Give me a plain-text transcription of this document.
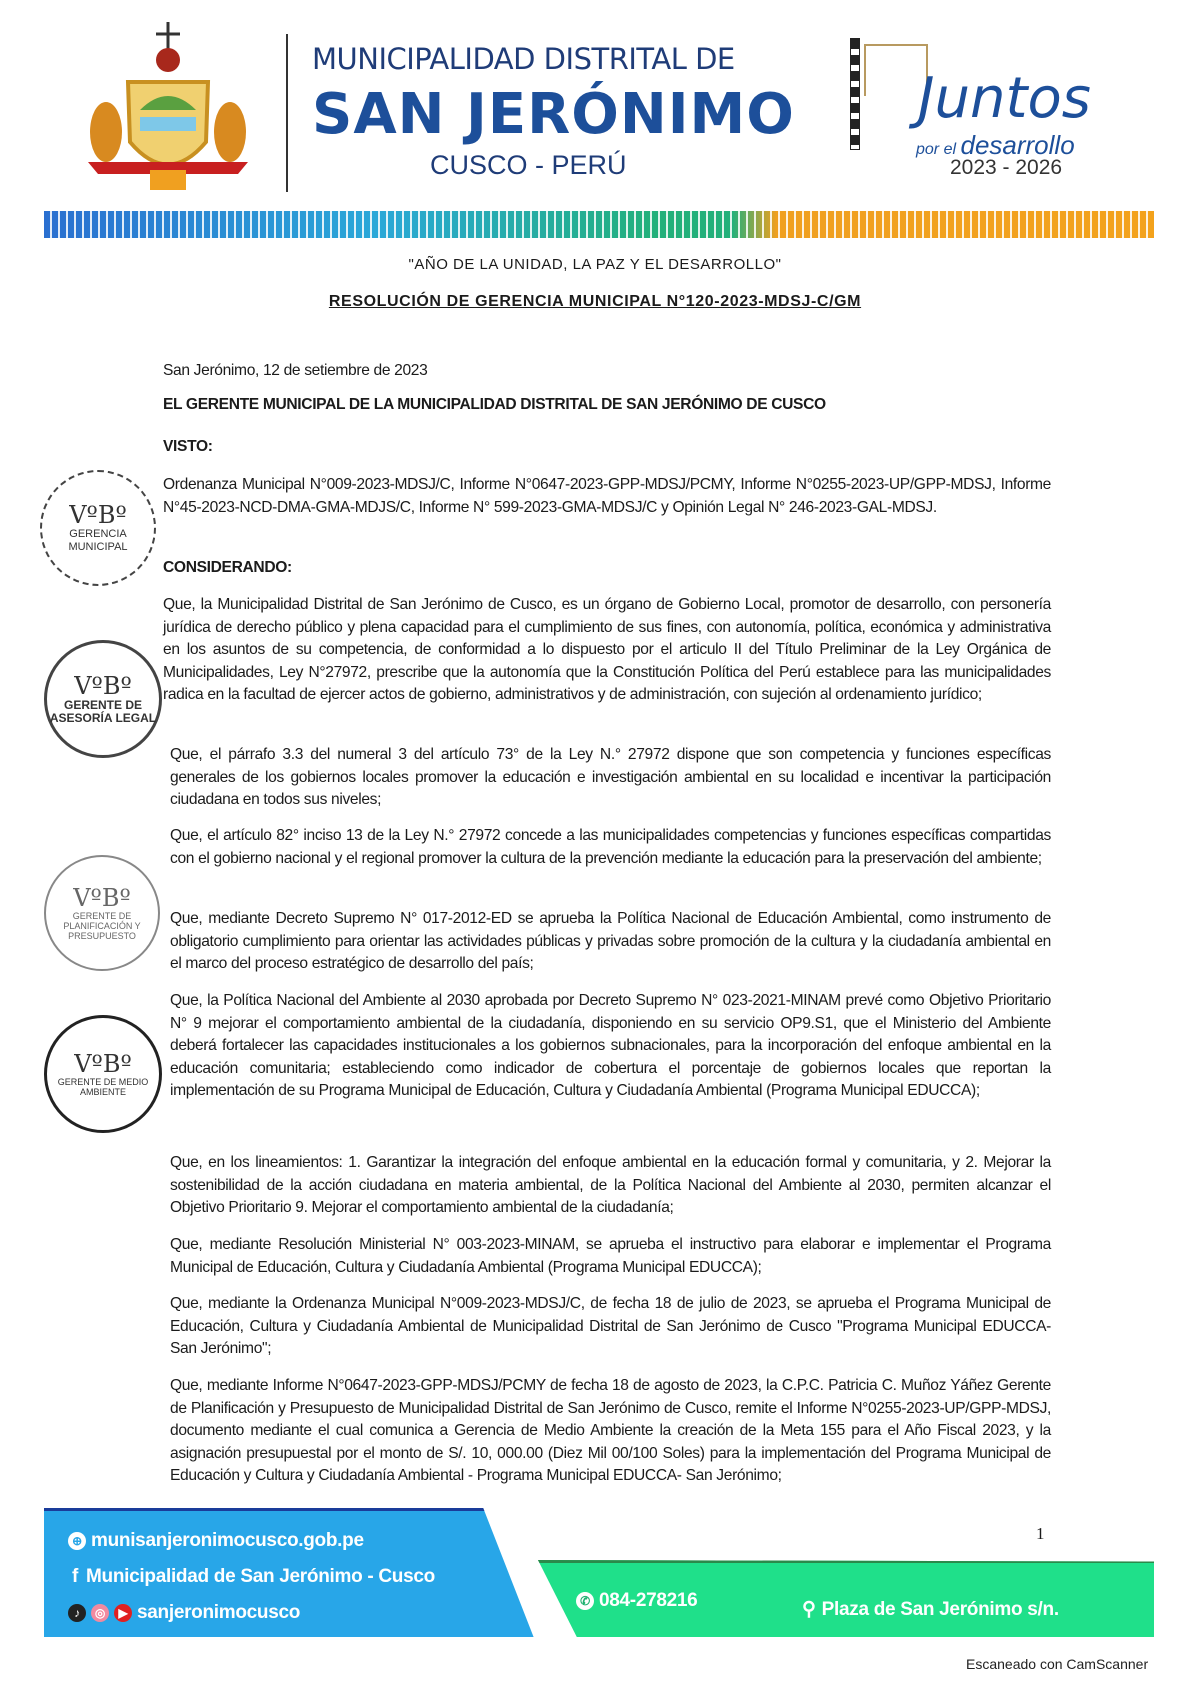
MUNICIPALIDAD DISTRITAL DE
SAN JERÓNIMO
CUSCO - PERÚ
Juntos
por el desarrollo
2023 - 2026
"AÑO DE LA UNIDAD, LA PAZ Y EL DESARROLLO"
RESOLUCIÓN DE GERENCIA MUNICIPAL N°120-2023-MDSJ-C/GM
San Jerónimo, 12 de setiembre de 2023
EL GERENTE MUNICIPAL DE LA MUNICIPALIDAD DISTRITAL DE SAN JERÓNIMO DE CUSCO
VISTO:
Ordenanza Municipal N°009-2023-MDSJ/C, Informe N°0647-2023-GPP-MDSJ/PCMY, Informe N°0255-2023-UP/GPP-MDSJ, Informe N°45-2023-NCD-DMA-GMA-MDJS/C, Informe N° 599-2023-GMA-MDSJ/C y Opinión Legal N° 246-2023-GAL-MDSJ.
CONSIDERANDO:
Que, la Municipalidad Distrital de San Jerónimo de Cusco, es un órgano de Gobierno Local, promotor de desarrollo, con personería jurídica de derecho público y plena capacidad para el cumplimiento de sus fines, con autonomía, política, económica y administrativa en los asuntos de su competencia, de conformidad a lo dispuesto por el articulo II del Título Preliminar de la Ley Orgánica de Municipalidades, Ley N°27972, prescribe que la autonomía que la Constitución Política del Perú establece para las municipalidades radica en la facultad de ejercer actos de gobierno, administrativos y de administración, con sujeción al ordenamiento jurídico;
Que, el párrafo 3.3 del numeral 3 del artículo 73° de la Ley N.° 27972 dispone que son competencia y funciones específicas generales de los gobiernos locales promover la educación e investigación ambiental en su localidad e incentivar la participación ciudadana en todos sus niveles;
Que, el artículo 82° inciso 13 de la Ley N.° 27972 concede a las municipalidades competencias y funciones específicas compartidas con el gobierno nacional y el regional promover la cultura de la prevención mediante la educación para la preservación del ambiente;
Que, mediante Decreto Supremo N° 017-2012-ED se aprueba la Política Nacional de Educación Ambiental, como instrumento de obligatorio cumplimiento para orientar las actividades públicas y privadas sobre promoción de la cultura y la ciudadanía ambiental en el marco del proceso estratégico de desarrollo del país;
Que, la Política Nacional del Ambiente al 2030 aprobada por Decreto Supremo N° 023-2021-MINAM prevé como Objetivo Prioritario N° 9 mejorar el comportamiento ambiental de la ciudadanía, disponiendo en su servicio OP9.S1, que el Ministerio del Ambiente deberá fortalecer las capacidades institucionales a los gobiernos subnacionales, para la incorporación del enfoque ambiental en la educación comunitaria; estableciendo como indicador de cobertura el porcentaje de gobiernos locales que reportan la implementación de su Programa Municipal de Educación, Cultura y Ciudadanía Ambiental (Programa Municipal EDUCCA);
Que, en los lineamientos: 1. Garantizar la integración del enfoque ambiental en la educación formal y comunitaria, y 2. Mejorar la sostenibilidad de la acción ciudadana en materia ambiental, de la Política Nacional del Ambiente al 2030, permiten alcanzar el Objetivo Prioritario 9. Mejorar el comportamiento ambiental de la ciudadanía;
Que, mediante Resolución Ministerial N° 003-2023-MINAM, se aprueba el instructivo para elaborar e implementar el Programa Municipal de Educación, Cultura y Ciudadanía Ambiental (Programa Municipal EDUCCA);
Que, mediante la Ordenanza Municipal N°009-2023-MDSJ/C, de fecha 18 de julio de 2023, se aprueba el Programa Municipal de Educación, Cultura y Ciudadanía Ambiental de Municipalidad Distrital de San Jerónimo de Cusco "Programa Municipal EDUCCA- San Jerónimo";
Que, mediante Informe N°0647-2023-GPP-MDSJ/PCMY de fecha 18 de agosto de 2023, la C.P.C. Patricia C. Muñoz Yáñez Gerente de Planificación y Presupuesto de Municipalidad Distrital de San Jerónimo de Cusco, remite el Informe N°0255-2023-UP/GPP-MDSJ, documento mediante el cual comunica a Gerencia de Medio Ambiente la creación de la Meta 155 para el Año Fiscal 2023, y la asignación presupuestal por el monto de S/. 10, 000.00 (Diez Mil 00/100 Soles) para la implementación del Programa Municipal de Educación y Cultura y Ciudadanía Ambiental - Programa Municipal EDUCCA- San Jerónimo;
VºBº
GERENCIA MUNICIPAL
VºBº
GERENTE DE ASESORÍA LEGAL
VºBº
GERENTE DE PLANIFICACIÓN Y PRESUPUESTO
VºBº
GERENTE DE MEDIO AMBIENTE
1
⊕ munisanjeronimocusco.gob.pe
f Municipalidad de San Jerónimo - Cusco
♪ ◎ ▶ sanjeronimocusco
✆ 084-278216	⚲ Plaza de San Jerónimo s/n.
Escaneado con CamScanner
